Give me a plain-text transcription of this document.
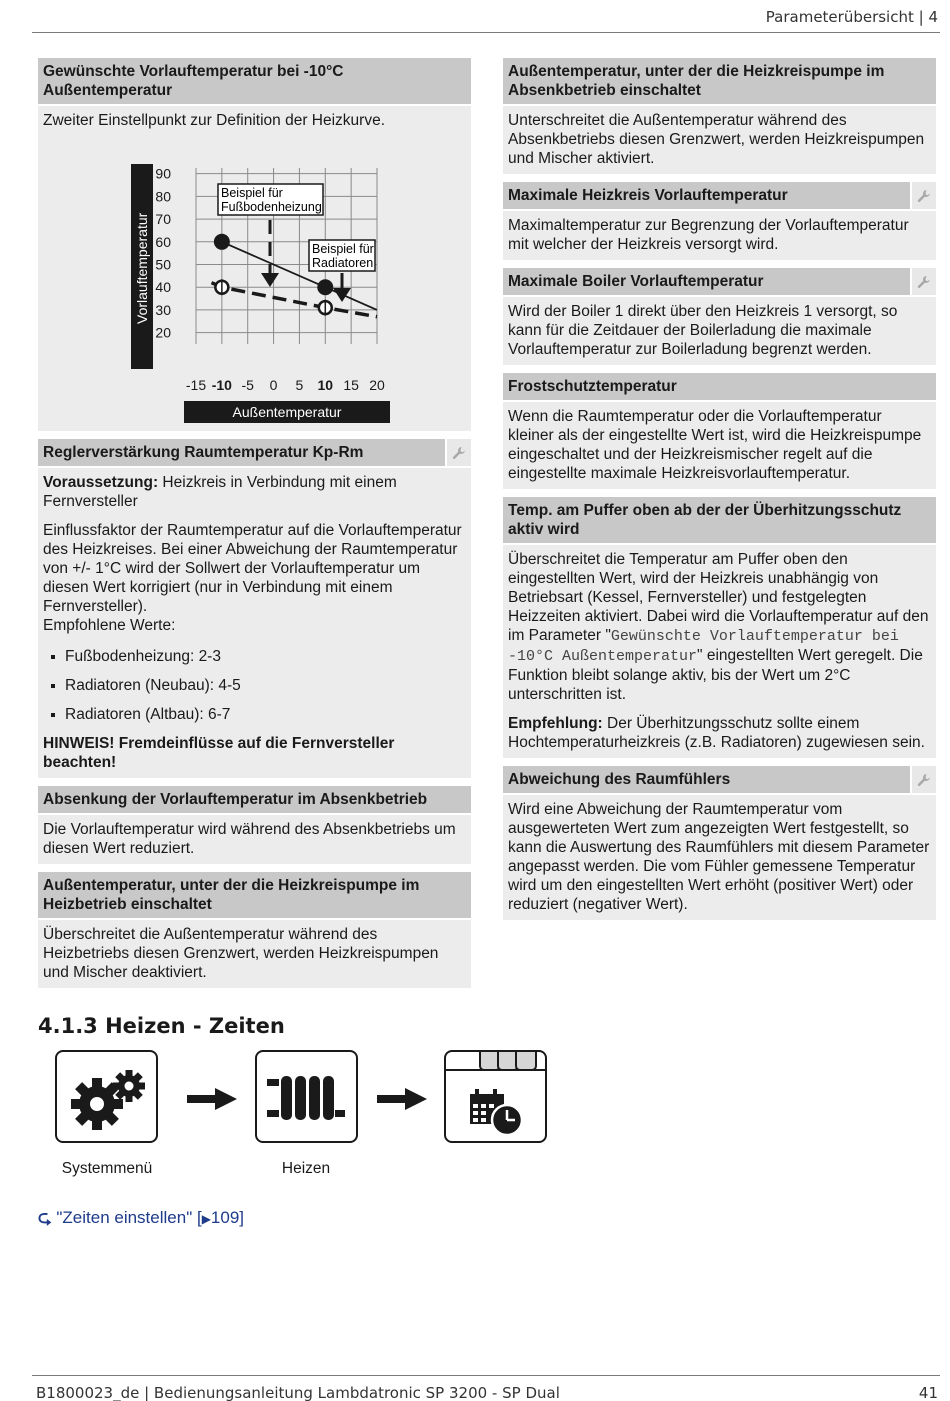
Parameterübersicht | 4
Gewünschte Vorlauftemperatur bei -10°C Außentemperatur

Zweiter Einstellpunkt zur Definition der Heizkurve.

Vorlauftemperatur
90
80
70
60
50
40
30
20
-15 -10 -5 0 5 10 15 20
Beispiel für
Fußbodenheizung
Beispiel für
Radiatoren
Außentemperatur
Reglerverstärkung Raumtemperatur Kp-Rm

Voraussetzung: Heizkreis in Verbindung mit einem Fernversteller

Einflussfaktor der Raumtemperatur auf die Vorlauftemperatur des Heizkreises. Bei einer Abweichung der Raumtemperatur von +/- 1°C wird der Sollwert der Vorlauftemperatur um diesen Wert korrigiert (nur in Verbindung mit einem Fernversteller).
Empfohlene Werte:

Fußbodenheizung: 2-3
Radiatoren (Neubau): 4-5
Radiatoren (Altbau): 6-7

HINWEIS! Fremdeinflüsse auf die Fernversteller beachten!

Absenkung der Vorlauftemperatur im Absenkbetrieb

Die Vorlauftemperatur wird während des Absenkbetriebs um diesen Wert reduziert.

Außentemperatur, unter der die Heizkreispumpe im Heizbetrieb einschaltet

Überschreitet die Außentemperatur während des Heizbetriebs diesen Grenzwert, werden Heizkreispumpen und Mischer deaktiviert.

Außentemperatur, unter der die Heizkreispumpe im Absenkbetrieb einschaltet

Unterschreitet die Außentemperatur während des Absenkbetriebs diesen Grenzwert, werden Heizkreispumpen und Mischer aktiviert.

Maximale Heizkreis Vorlauftemperatur

Maximaltemperatur zur Begrenzung der Vorlauftemperatur mit welcher der Heizkreis versorgt wird.

Maximale Boiler Vorlauftemperatur

Wird der Boiler 1 direkt über den Heizkreis 1 versorgt, so kann für die Zeitdauer der Boilerladung die maximale Vorlauftemperatur zur Boilerladung begrenzt werden.

Frostschutztemperatur

Wenn die Raumtemperatur oder die Vorlauftemperatur kleiner als der eingestellte Wert ist, wird die Heizkreispumpe eingeschaltet und der Heizkreismischer regelt auf die eingestellte maximale Heizkreisvorlauftemperatur.

Temp. am Puffer oben ab der der Überhitzungsschutz aktiv wird

Überschreitet die Temperatur am Puffer oben den eingestellten Wert, wird der Heizkreis unabhängig von Betriebsart (Kessel, Fernversteller) und festgelegten Heizzeiten aktiviert. Dabei wird die Vorlauftemperatur auf den im Parameter "Gewünschte Vorlauftemperatur bei -10°C Außentemperatur" eingestellten Wert geregelt. Die Funktion bleibt solange aktiv, bis der Wert um 2°C unterschritten ist.

Empfehlung: Der Überhitzungsschutz sollte einem Hochtemperaturheizkreis (z.B. Radiatoren) zugewiesen sein.

Abweichung des Raumfühlers

Wird eine Abweichung der Raumtemperatur vom ausgewerteten Wert zum angezeigten Wert festgestellt, so kann die Auswertung des Raumfühlers mit diesem Parameter angepasst werden. Die vom Fühler gemessene Temperatur wird um den eingestellten Wert erhöht (positiver Wert) oder reduziert (negativer Wert).

4.1.3 Heizen - Zeiten
Systemmenü	Heizen
⮎ "Zeiten einstellen" [▶109]
B1800023_de | Bedienungsanleitung Lambdatronic SP 3200 - SP Dual	41
